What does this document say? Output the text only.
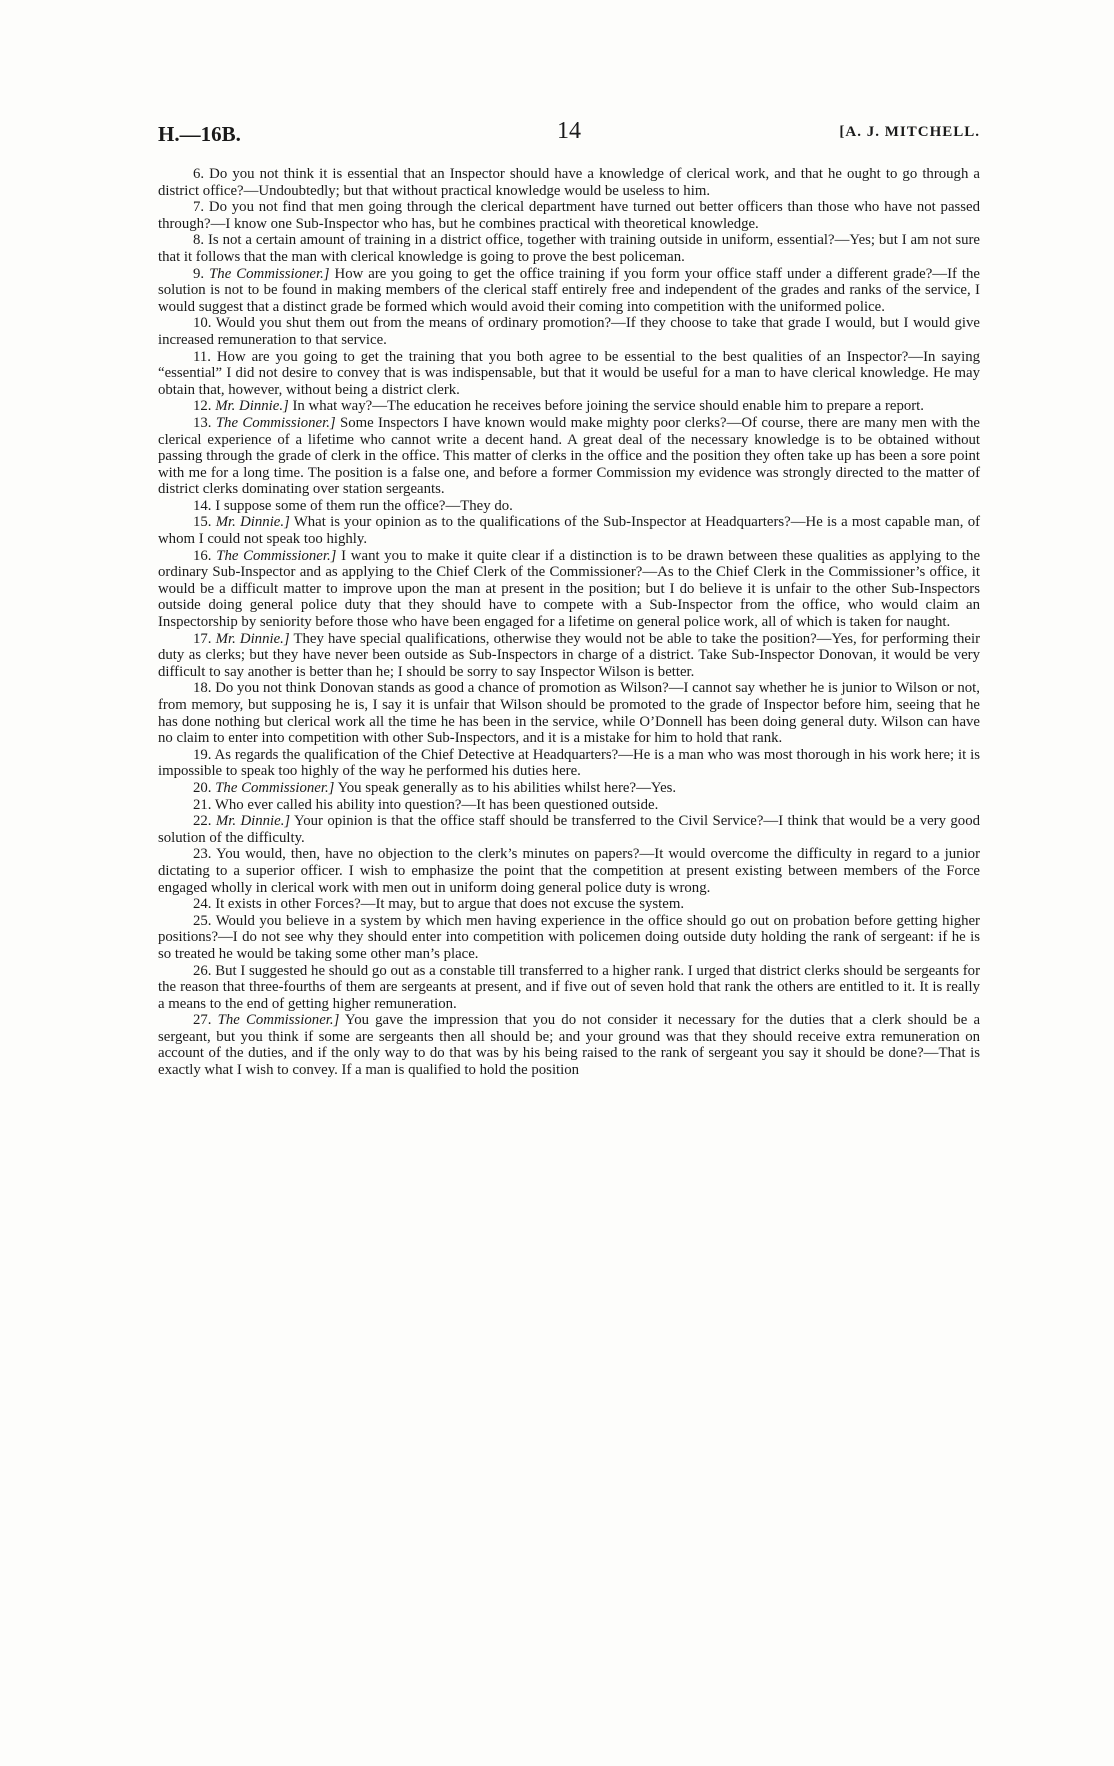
H.—16B.	14	[A. J. MITCHELL.

6. Do you not think it is essential that an Inspector should have a knowledge of clerical work, and that he ought to go through a district office?—Undoubtedly; but that without practical knowledge would be useless to him.

7. Do you not find that men going through the clerical department have turned out better officers than those who have not passed through?—I know one Sub-Inspector who has, but he combines practical with theoretical knowledge.

8. Is not a certain amount of training in a district office, together with training outside in uniform, essential?—Yes; but I am not sure that it follows that the man with clerical knowledge is going to prove the best policeman.

9. The Commissioner.] How are you going to get the office training if you form your office staff under a different grade?—If the solution is not to be found in making members of the clerical staff entirely free and independent of the grades and ranks of the service, I would suggest that a distinct grade be formed which would avoid their coming into competition with the uniformed police.

10. Would you shut them out from the means of ordinary promotion?—If they choose to take that grade I would, but I would give increased remuneration to that service.

11. How are you going to get the training that you both agree to be essential to the best qualities of an Inspector?—In saying “essential” I did not desire to convey that is was indispensable, but that it would be useful for a man to have clerical knowledge. He may obtain that, however, without being a district clerk.

12. Mr. Dinnie.] In what way?—The education he receives before joining the service should enable him to prepare a report.

13. The Commissioner.] Some Inspectors I have known would make mighty poor clerks?—Of course, there are many men with the clerical experience of a lifetime who cannot write a decent hand. A great deal of the necessary knowledge is to be obtained without passing through the grade of clerk in the office. This matter of clerks in the office and the position they often take up has been a sore point with me for a long time. The position is a false one, and before a former Commission my evidence was strongly directed to the matter of district clerks dominating over station sergeants.

14. I suppose some of them run the office?—They do.

15. Mr. Dinnie.] What is your opinion as to the qualifications of the Sub-Inspector at Headquarters?—He is a most capable man, of whom I could not speak too highly.

16. The Commissioner.] I want you to make it quite clear if a distinction is to be drawn between these qualities as applying to the ordinary Sub-Inspector and as applying to the Chief Clerk of the Commissioner?—As to the Chief Clerk in the Commissioner’s office, it would be a difficult matter to improve upon the man at present in the position; but I do believe it is unfair to the other Sub-Inspectors outside doing general police duty that they should have to compete with a Sub-Inspector from the office, who would claim an Inspectorship by seniority before those who have been engaged for a lifetime on general police work, all of which is taken for naught.

17. Mr. Dinnie.] They have special qualifications, otherwise they would not be able to take the position?—Yes, for performing their duty as clerks; but they have never been outside as Sub-Inspectors in charge of a district. Take Sub-Inspector Donovan, it would be very difficult to say another is better than he; I should be sorry to say Inspector Wilson is better.

18. Do you not think Donovan stands as good a chance of promotion as Wilson?—I cannot say whether he is junior to Wilson or not, from memory, but supposing he is, I say it is unfair that Wilson should be promoted to the grade of Inspector before him, seeing that he has done nothing but clerical work all the time he has been in the service, while O’Donnell has been doing general duty. Wilson can have no claim to enter into competition with other Sub-Inspectors, and it is a mistake for him to hold that rank.

19. As regards the qualification of the Chief Detective at Headquarters?—He is a man who was most thorough in his work here; it is impossible to speak too highly of the way he performed his duties here.

20. The Commissioner.] You speak generally as to his abilities whilst here?—Yes.

21. Who ever called his ability into question?—It has been questioned outside.

22. Mr. Dinnie.] Your opinion is that the office staff should be transferred to the Civil Service?—I think that would be a very good solution of the difficulty.

23. You would, then, have no objection to the clerk’s minutes on papers?—It would overcome the difficulty in regard to a junior dictating to a superior officer. I wish to emphasize the point that the competition at present existing between members of the Force engaged wholly in clerical work with men out in uniform doing general police duty is wrong.

24. It exists in other Forces?—It may, but to argue that does not excuse the system.

25. Would you believe in a system by which men having experience in the office should go out on probation before getting higher positions?—I do not see why they should enter into competition with policemen doing outside duty holding the rank of sergeant: if he is so treated he would be taking some other man’s place.

26. But I suggested he should go out as a constable till transferred to a higher rank. I urged that district clerks should be sergeants for the reason that three-fourths of them are sergeants at present, and if five out of seven hold that rank the others are entitled to it. It is really a means to the end of getting higher remuneration.

27. The Commissioner.] You gave the impression that you do not consider it necessary for the duties that a clerk should be a sergeant, but you think if some are sergeants then all should be; and your ground was that they should receive extra remuneration on account of the duties, and if the only way to do that was by his being raised to the rank of sergeant you say it should be done?—That is exactly what I wish to convey. If a man is qualified to hold the position
